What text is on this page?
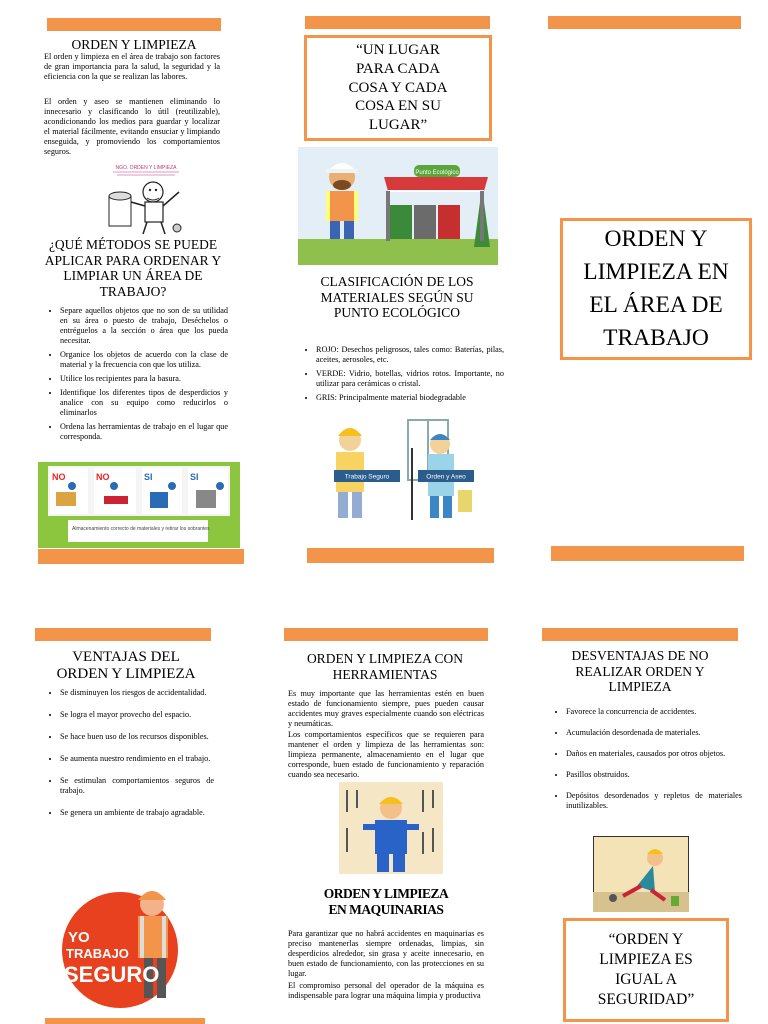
ORDEN Y LIMPIEZA
El orden y limpieza en el área de trabajo son factores de gran importancia para la salud, la seguridad y la eficiencia con la que se realizan las labores.
El orden y aseo se mantienen eliminando lo innecesario y clasificando lo útil (reutilizable), acondicionando los medios para guardar y localizar el material fácilmente, evitando ensuciar y limpiando enseguida, y promoviendo los comportamientos seguros.
NGO. ORDEN Y LIMPIEZA
¿QUÉ MÉTODOS SE PUEDE APLICAR PARA ORDENAR Y LIMPIAR UN ÁREA DE TRABAJO?
• Separe aquellos objetos que no son de su utilidad en su área o puesto de trabajo, Deséchelos o entréguelos a la sección o área que los pueda necesitar.
• Organice los objetos de acuerdo con la clase de material y la frecuencia con que los utiliza.
• Utilice los recipientes para la basura.
• Identifique los diferentes tipos de desperdicios y analice con su equipo como reducirlos o eliminarlos
• Ordena las herramientas de trabajo en el lugar que corresponda.
NO	NO	SI	SI
Almacenamiento correcto de materiales y retirar los sobrantes
“UN LUGAR PARA CADA COSA Y CADA COSA EN SU LUGAR”
Punto Ecológico
CLASIFICACIÓN DE LOS MATERIALES SEGÚN SU PUNTO ECOLÓGICO
• ROJO: Desechos peligrosos, tales como: Baterías, pilas, aceites, aerosoles, etc.
• VERDE: Vidrio, botellas, vidrios rotos. Importante, no utilizar para cerámicas o cristal.
• GRIS: Principalmente material biodegradable
Trabajo Seguro	Orden y Aseo
ORDEN Y LIMPIEZA EN EL ÁREA DE TRABAJO
VENTAJAS DEL ORDEN Y LIMPIEZA
• Se disminuyen los riesgos de accidentalidad.
• Se logra el mayor provecho del espacio.
• Se hace buen uso de los recursos disponibles.
• Se aumenta nuestro rendimiento en el trabajo.
• Se estimulan comportamientos seguros de trabajo.
• Se genera un ambiente de trabajo agradable.
YO
TRABAJO
SEGURO
ORDEN Y LIMPIEZA CON HERRAMIENTAS
Es muy importante que las herramientas estén en buen estado de funcionamiento siempre, pues pueden causar accidentes muy graves especialmente cuando son eléctricas y neumáticas.
Los comportamientos específicos que se requieren para mantener el orden y limpieza de las herramientas son: limpieza permanente, almacenamiento en el lugar que corresponde, buen estado de funcionamiento y reparación cuando sea necesario.
ORDEN Y LIMPIEZA EN MAQUINARIAS
Para garantizar que no habrá accidentes en maquinarias es preciso mantenerlas siempre ordenadas, limpias, sin desperdicios alrededor, sin grasa y aceite innecesario, en buen estado de funcionamiento, con las protecciones en su lugar.
El compromiso personal del operador de la máquina es indispensable para lograr una máquina limpia y productiva
DESVENTAJAS DE NO REALIZAR ORDEN Y LIMPIEZA
• Favorece la concurrencia de accidentes.
• Acumulación desordenada de materiales.
• Daños en materiales, causados por otros objetos.
• Pasillos obstruidos.
• Depósitos desordenados y repletos de materiales inutilizables.
“ORDEN Y LIMPIEZA ES IGUAL A SEGURIDAD”
